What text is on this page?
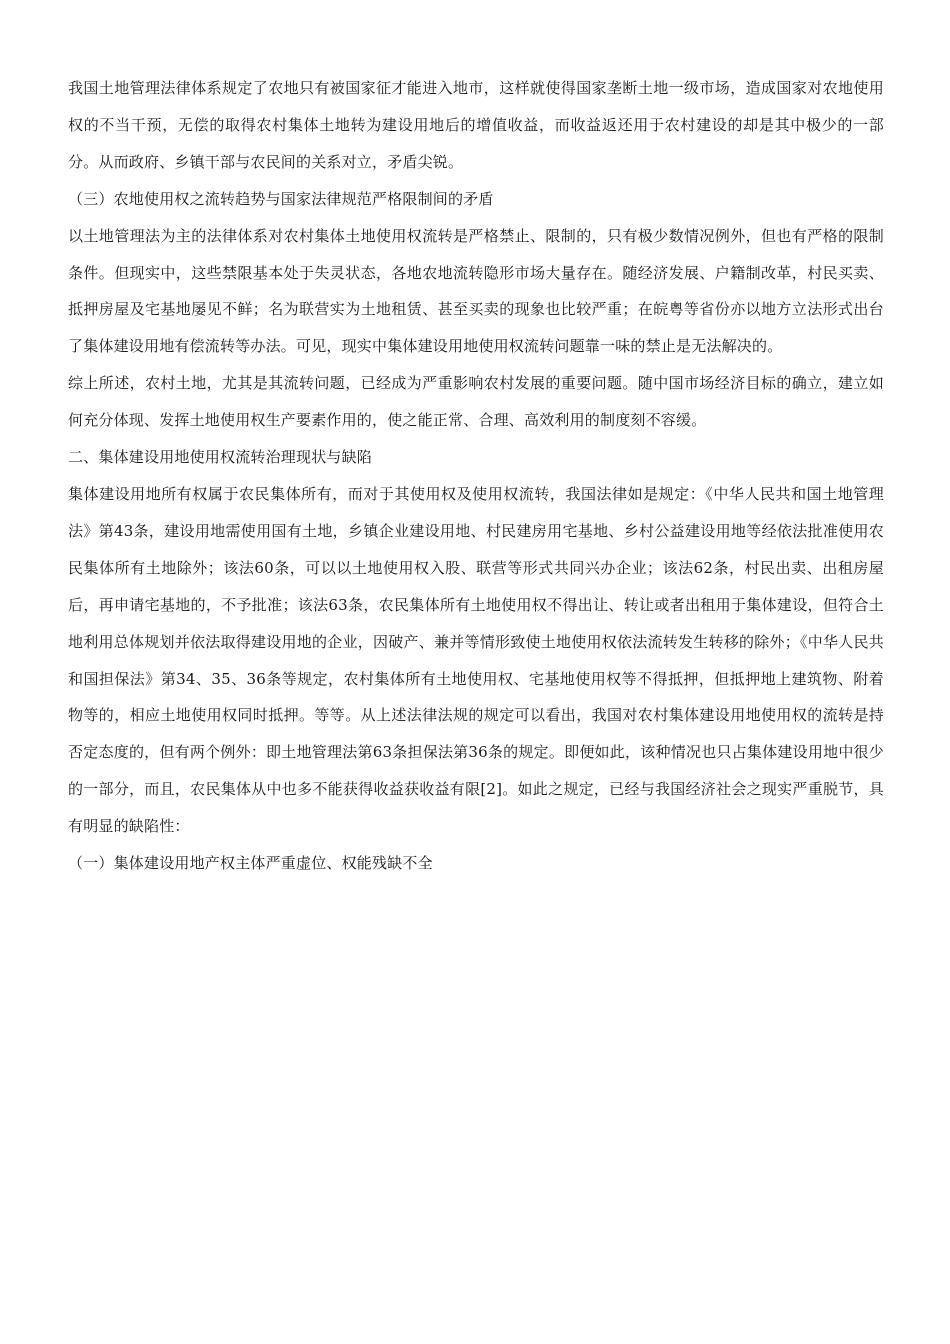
我国土地管理法律体系规定了农地只有被国家征才能进入地市，这样就使得国家垄断土地一级市场，造成国家对农地使用权的不当干预，无偿的取得农村集体土地转为建设用地后的增值收益，而收益返还用于农村建设的却是其中极少的一部分。从而政府、乡镇干部与农民间的关系对立，矛盾尖锐。

（三）农地使用权之流转趋势与国家法律规范严格限制间的矛盾

以土地管理法为主的法律体系对农村集体土地使用权流转是严格禁止、限制的，只有极少数情况例外，但也有严格的限制条件。但现实中，这些禁限基本处于失灵状态，各地农地流转隐形市场大量存在。随经济发展、户籍制改革，村民买卖、抵押房屋及宅基地屡见不鲜；名为联营实为土地租赁、甚至买卖的现象也比较严重；在皖粤等省份亦以地方立法形式出台了集体建设用地有偿流转等办法。可见，现实中集体建设用地使用权流转问题靠一味的禁止是无法解决的。

综上所述，农村土地，尤其是其流转问题，已经成为严重影响农村发展的重要问题。随中国市场经济目标的确立，建立如何充分体现、发挥土地使用权生产要素作用的，使之能正常、合理、高效利用的制度刻不容缓。

二、集体建设用地使用权流转治理现状与缺陷

集体建设用地所有权属于农民集体所有，而对于其使用权及使用权流转，我国法律如是规定：《中华人民共和国土地管理法》第43条，建设用地需使用国有土地，乡镇企业建设用地、村民建房用宅基地、乡村公益建设用地等经依法批准使用农民集体所有土地除外；该法60条，可以以土地使用权入股、联营等形式共同兴办企业；该法62条，村民出卖、出租房屋后，再申请宅基地的，不予批准；该法63条，农民集体所有土地使用权不得出让、转让或者出租用于集体建设，但符合土地利用总体规划并依法取得建设用地的企业，因破产、兼并等情形致使土地使用权依法流转发生转移的除外；《中华人民共和国担保法》第34、35、36条等规定，农村集体所有土地使用权、宅基地使用权等不得抵押，但抵押地上建筑物、附着物等的，相应土地使用权同时抵押。等等。从上述法律法规的规定可以看出，我国对农村集体建设用地使用权的流转是持否定态度的，但有两个例外：即土地管理法第63条担保法第36条的规定。即便如此，该种情况也只占集体建设用地中很少的一部分，而且，农民集体从中也多不能获得收益获收益有限[2]。如此之规定，已经与我国经济社会之现实严重脱节，具有明显的缺陷性：

（一）集体建设用地产权主体严重虚位、权能残缺不全
